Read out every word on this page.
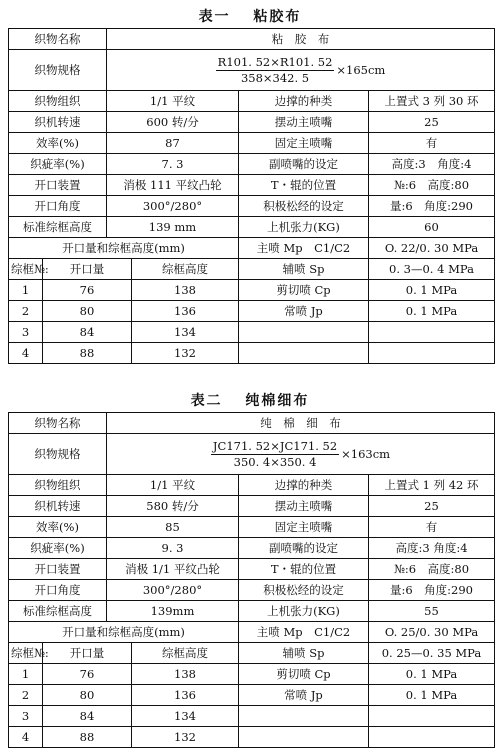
表一　 粘胶布
织物名称		粘　胶　布			
织物规格		$\frac{R101. 52\times R101. 52}{358\times 342. 5} \times 165cm$			
织物组织		1/1 平纹		边撑的种类	上置式 3 列 30 环
织机转速		600 转/分		摆动主喷嘴	25
效率(%)		87		固定主喷嘴	有
织疵率(%)		7. 3		副喷嘴的设定	高度:3　角度:4
开口装置		消极 111 平纹凸轮		T・辊的位置	№:6　高度:80
开口角度		300°/280°		积极松经的设定	量:6　角度:290
标准综框高度		139 mm		上机张力(KG)	60
开口量和综框高度(mm)				主喷 Mp　C1/C2	O. 22/0. 30 MPa
综框№:	开口量		综框高度	辅喷 Sp	0. 3—0. 4 MPa
1	76		138	剪切喷 Cp	0. 1 MPa
2	80		136	常喷 Jp	0. 1 MPa
3	84		134		
4	88		132		
表二　 纯棉细布
织物名称		纯　棉　细　布			
织物规格		$\frac{JC171. 52\times JC171. 52}{350. 4\times 350. 4} \times 163cm$			
织物组织		1/1 平纹		边撑的种类	上置式 1 列 42 环
织机转速		580 转/分		摆动主喷嘴	25
效率(%)		85		固定主喷嘴	有
织疵率(%)		9. 3		副喷嘴的设定	高度:3 角度:4
开口装置		消极 1/1 平纹凸轮		T・辊的位置	№:6　高度:80
开口角度		300°/280°		积极松经的设定	量:6　角度:290
标准综框高度		139mm		上机张力(KG)	55
开口量和综框高度(mm)				主喷 Mp　C1/C2	O. 25/0. 30 MPa
综框№:	开口量		综框高度	辅喷 Sp	0. 25—0. 35 MPa
1	76		138	剪切喷 Cp	0. 1 MPa
2	80		136	常喷 Jp	0. 1 MPa
3	84		134		
4	88		132		
